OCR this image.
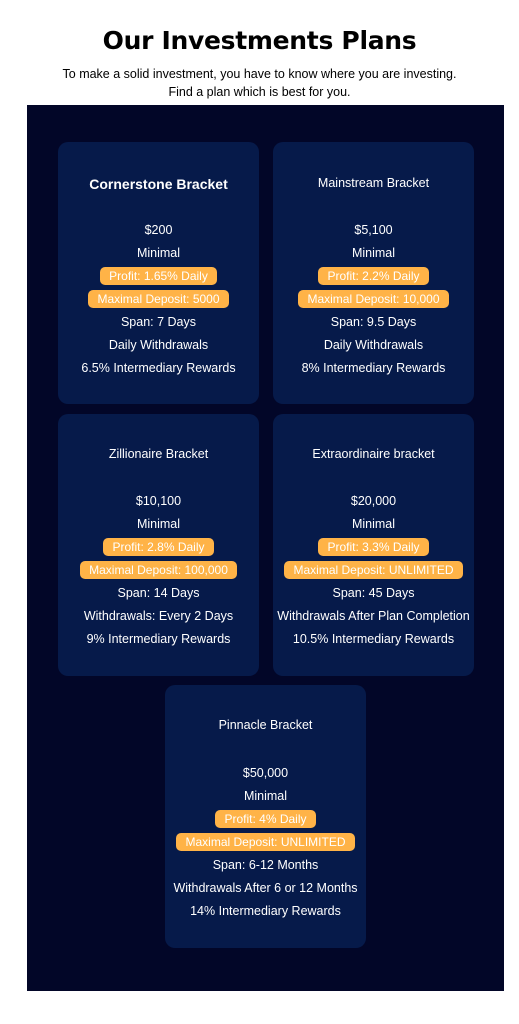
Our Investments Plans
To make a solid investment, you have to know where you are investing.
Find a plan which is best for you.
Cornerstone Bracket
$200
Minimal
Profit: 1.65% Daily
Maximal Deposit: 5000
Span: 7 Days
Daily Withdrawals
6.5% Intermediary Rewards
Mainstream Bracket
$5,100
Minimal
Profit: 2.2% Daily
Maximal Deposit: 10,000
Span: 9.5 Days
Daily Withdrawals
8% Intermediary Rewards
Zillionaire Bracket
$10,100
Minimal
Profit: 2.8% Daily
Maximal Deposit: 100,000
Span: 14 Days
Withdrawals: Every 2 Days
9% Intermediary Rewards
Extraordinaire bracket
$20,000
Minimal
Profit: 3.3% Daily
Maximal Deposit: UNLIMITED
Span: 45 Days
Withdrawals After Plan Completion
10.5% Intermediary Rewards
Pinnacle Bracket
$50,000
Minimal
Profit: 4% Daily
Maximal Deposit: UNLIMITED
Span: 6-12 Months
Withdrawals After 6 or 12 Months
14% Intermediary Rewards
